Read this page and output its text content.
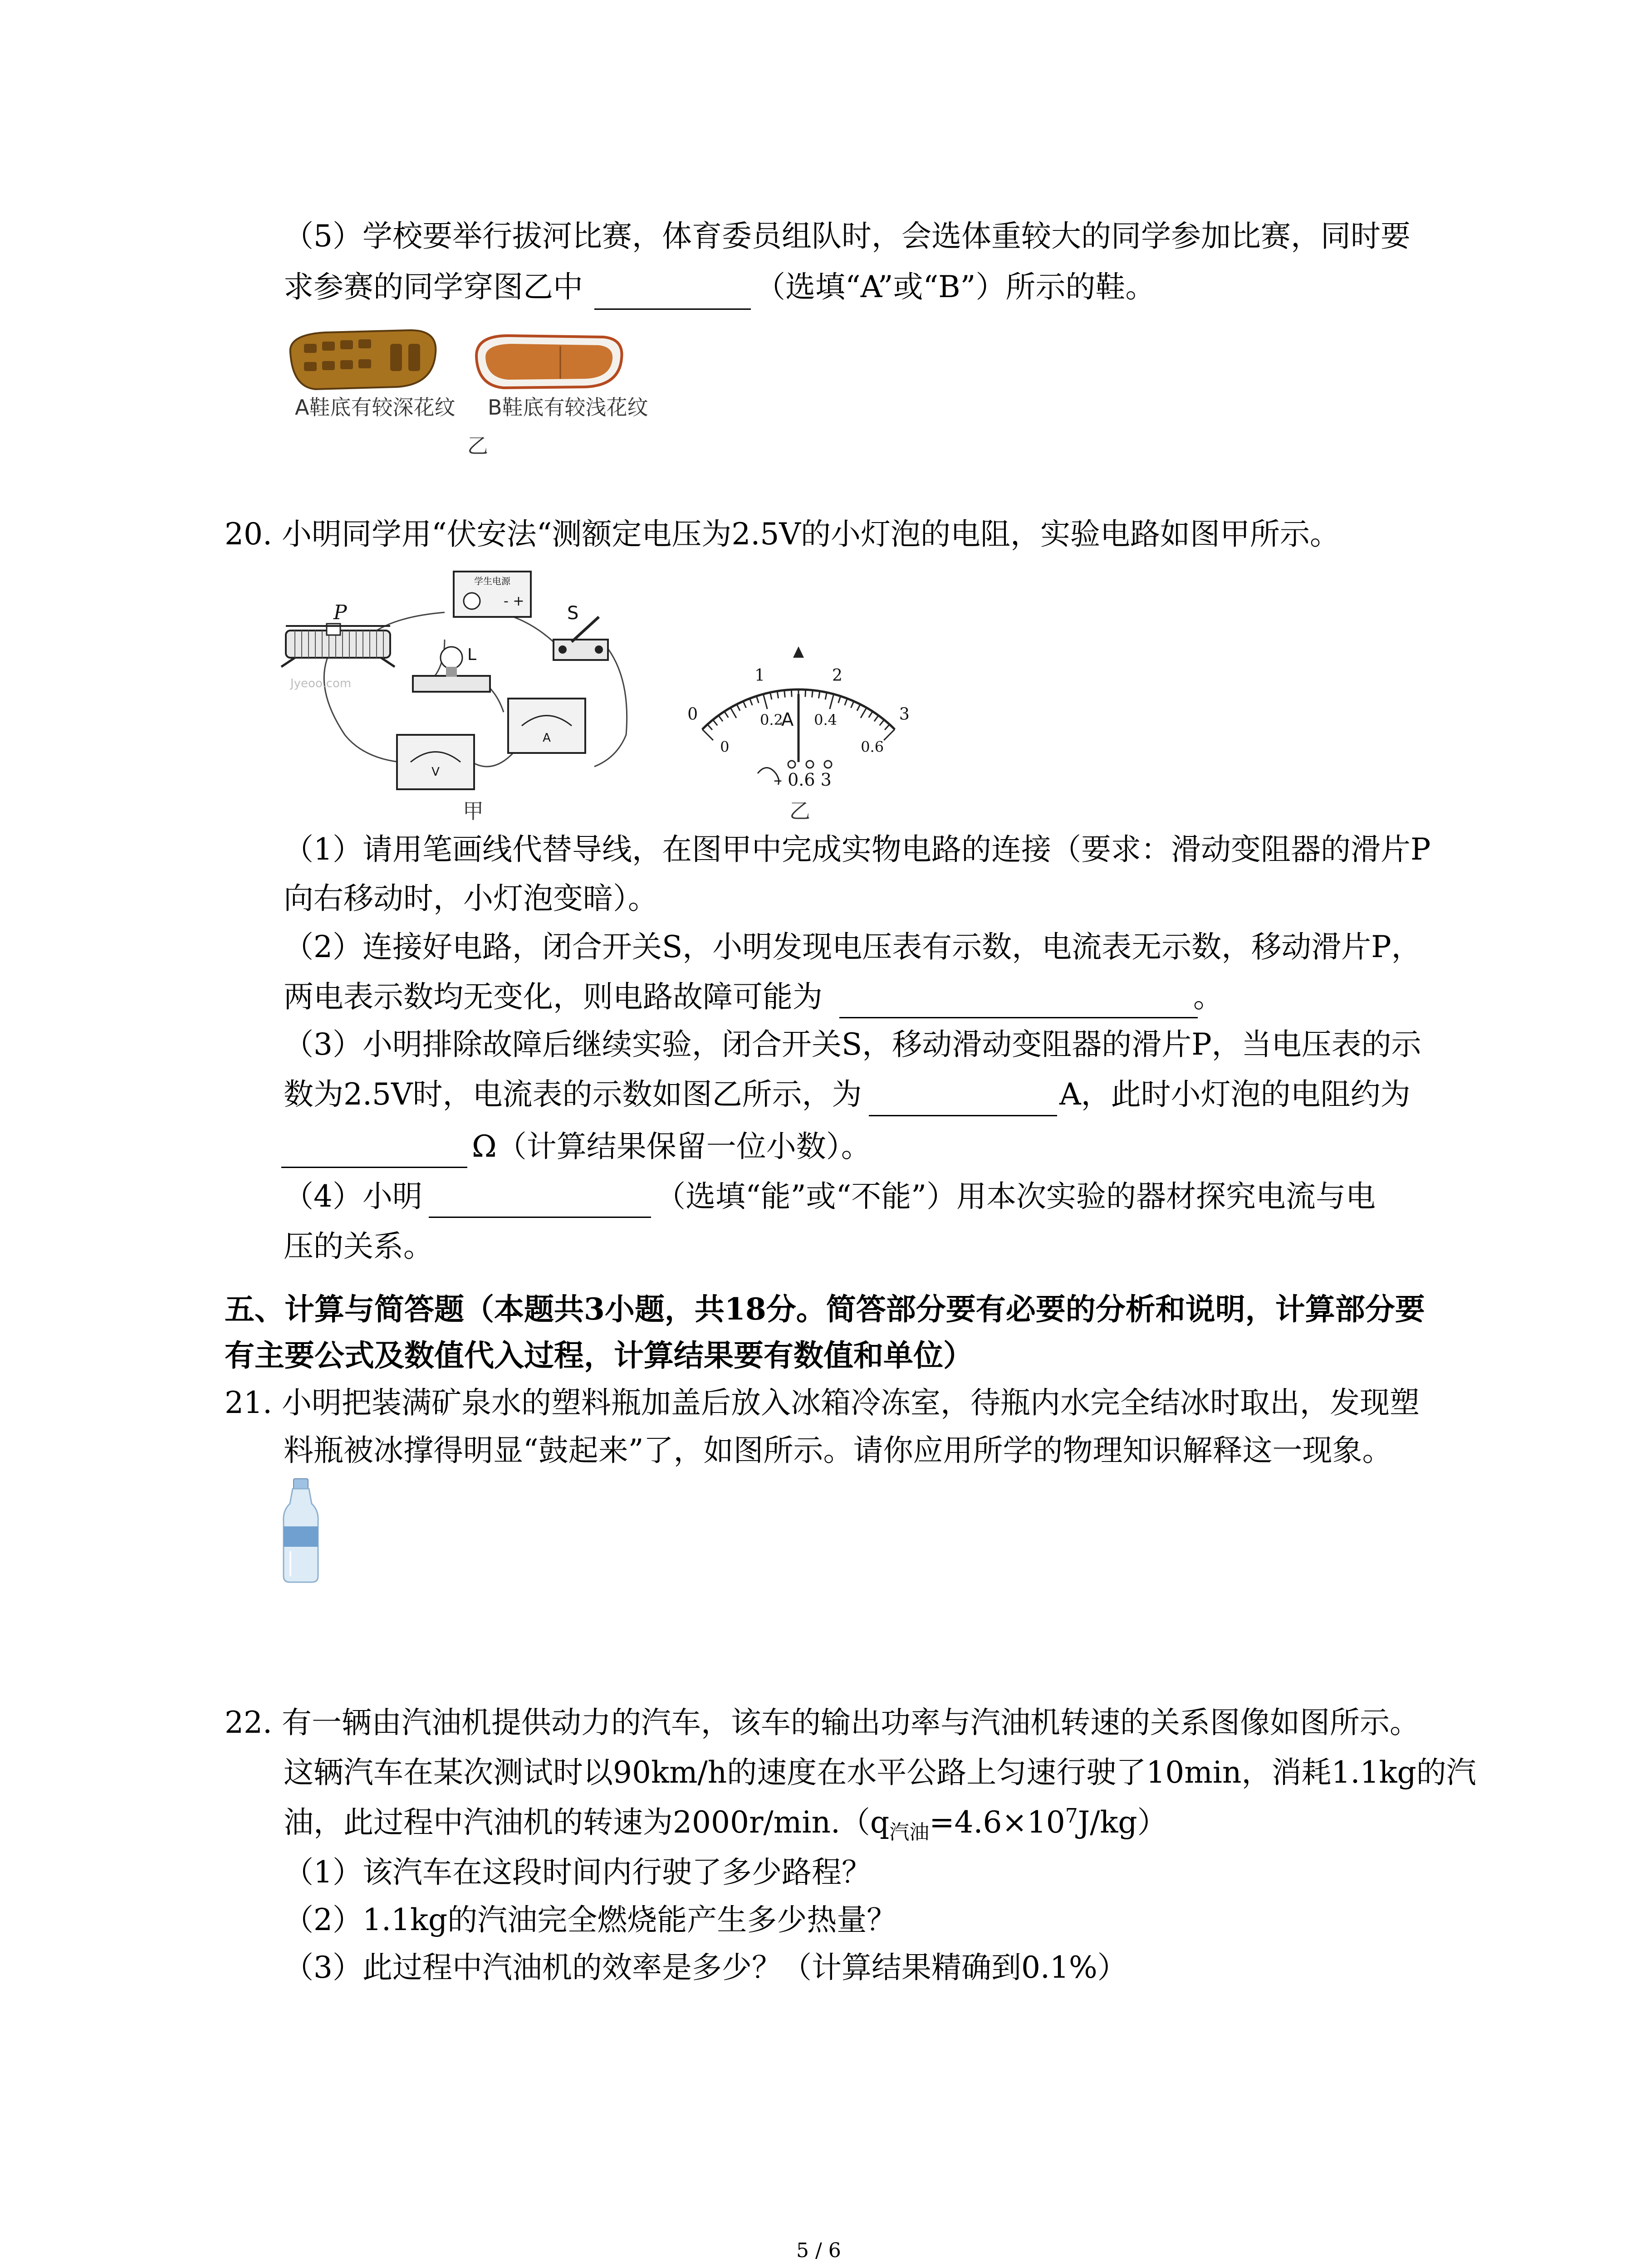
（5）学校要举行拔河比赛，体育委员组队时，会选体重较大的同学参加比赛，同时要
求参赛的同学穿图乙中	（选填“A”或“B”）所示的鞋。
A鞋底有较深花纹 B鞋底有较浅花纹
乙
20. 小明同学用“伏安法“测额定电压为2.5V的小灯泡的电阻，实验电路如图甲所示。
学生电源
- +
V
A
P	S
L
Jyeoo.com
甲
0
1	2
3
0
0.2 0.4
0.6
A
– 0.6 3
乙
（1）请用笔画线代替导线，在图甲中完成实物电路的连接（要求：滑动变阻器的滑片P
向右移动时，小灯泡变暗）。
（2）连接好电路，闭合开关S，小明发现电压表有示数，电流表无示数，移动滑片P，
两电表示数均无变化，则电路故障可能为	。
（3）小明排除故障后继续实验，闭合开关S，移动滑动变阻器的滑片P，当电压表的示
数为2.5V时，电流表的示数如图乙所示，为	A，此时小灯泡的电阻约为
Ω（计算结果保留一位小数）。
（4）小明	（选填“能”或“不能”）用本次实验的器材探究电流与电
压的关系。
五、计算与简答题（本题共3小题，共18分。简答部分要有必要的分析和说明，计算部分要
有主要公式及数值代入过程，计算结果要有数值和单位）
21. 小明把装满矿泉水的塑料瓶加盖后放入冰箱冷冻室，待瓶内水完全结冰时取出，发现塑
料瓶被冰撑得明显“鼓起来”了，如图所示。请你应用所学的物理知识解释这一现象。
22. 有一辆由汽油机提供动力的汽车，该车的输出功率与汽油机转速的关系图像如图所示。
这辆汽车在某次测试时以90km/h的速度在水平公路上匀速行驶了10min，消耗1.1kg的汽
油，此过程中汽油机的转速为$2000r/\min.(q_{汽油}=4.6\times 10^7J/kg)$
（1）该汽车在这段时间内行驶了多少路程？
（2）1.1kg的汽油完全燃烧能产生多少热量？
（3）此过程中汽油机的效率是多少？（计算结果精确到0.1%）
5 / 6
